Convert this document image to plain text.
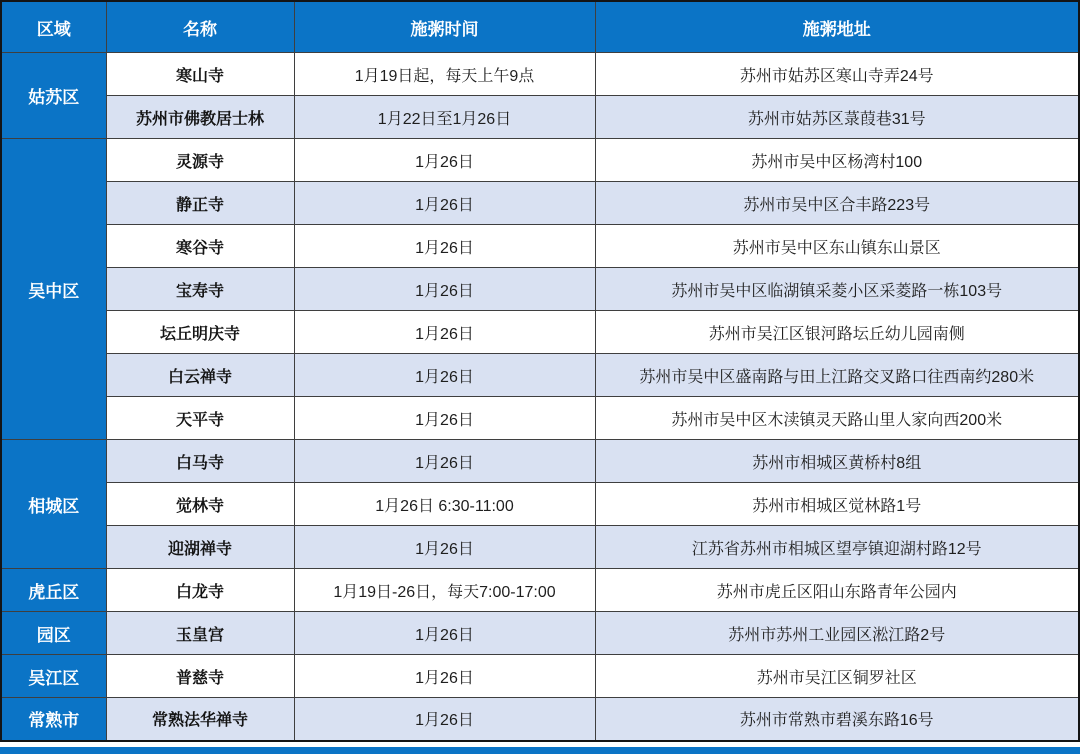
区域	名称	施粥时间	施粥地址
姑苏区	寒山寺	1月19日起，每天上午9点	苏州市姑苏区寒山寺弄24号
	苏州市佛教居士林	1月22日至1月26日	苏州市姑苏区菉葭巷31号
吴中区	灵源寺	1月26日	苏州市吴中区杨湾村100
	静正寺	1月26日	苏州市吴中区合丰路223号
	寒谷寺	1月26日	苏州市吴中区东山镇东山景区
	宝寿寺	1月26日	苏州市吴中区临湖镇采菱小区采菱路一栋103号
	坛丘明庆寺	1月26日	苏州市吴江区银河路坛丘幼儿园南侧
	白云禅寺	1月26日	苏州市吴中区盛南路与田上江路交叉路口往西南约280米
	天平寺	1月26日	苏州市吴中区木渎镇灵天路山里人家向西200米
相城区	白马寺	1月26日	苏州市相城区黄桥村8组
	觉林寺	1月26日 6:30-11:00	苏州市相城区觉林路1号
	迎湖禅寺	1月26日	江苏省苏州市相城区望亭镇迎湖村路12号
虎丘区	白龙寺	1月19日-26日，每天7:00-17:00	苏州市虎丘区阳山东路青年公园内
园区	玉皇宫	1月26日	苏州市苏州工业园区淞江路2号
吴江区	普慈寺	1月26日	苏州市吴江区铜罗社区
常熟市	常熟法华禅寺	1月26日	苏州市常熟市碧溪东路16号
